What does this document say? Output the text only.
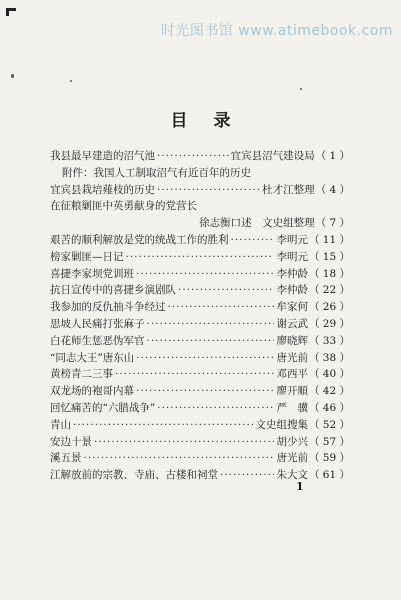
时光图书馆 www.atimebook.com
目录
我县最早建造的沼气池 ·····	宜宾县沼气建设局 （ 1 ）
附件：我国人工制取沼气有近百年的历史
宜宾县栽培薤枝的历史 ·····	杜才江整理 （ 4 ）
在征粮剿匪中英勇献身的党营长
徐志衡口述　文史组整理 （ 7 ）
艰苦的顺利解放是党的统战工作的胜利 ·····	李明元 （ 11 ）
榜家剿匪—日记 ·····	李明元 （ 15 ）
喜捷李家坝党训班 ·····	李仲龄 （ 18 ）
抗日宣传中的喜捷乡演剧队 ·····	李仲龄 （ 22 ）
我参加的反仇抽斗争经过 ·····	牟家何 （ 26 ）
思坡人民痛打张麻子 ·····	谢云武 （ 29 ）
白花师生惩恶伪军官 ·····	廖晓辉 （ 33 ）
“同志大王”唐东山 ·····	唐光前 （ 38 ）
黄榜青二三事 ·····	邓西平 （ 40 ）
双龙场的袍哥内幕 ·····	廖开順 （ 42 ）
回忆痛苦的“六腊战争” ·····	严　骥 （ 46 ）
青山 ·····	文史组搜集 （ 52 ）
安边十景 ·····	胡少兴 （ 57 ）
溪五景 ·····	唐光前 （ 59 ）
江解放前的宗教、寺庙、古楼和祠堂 ·····	朱大文 （ 61 ）
1
